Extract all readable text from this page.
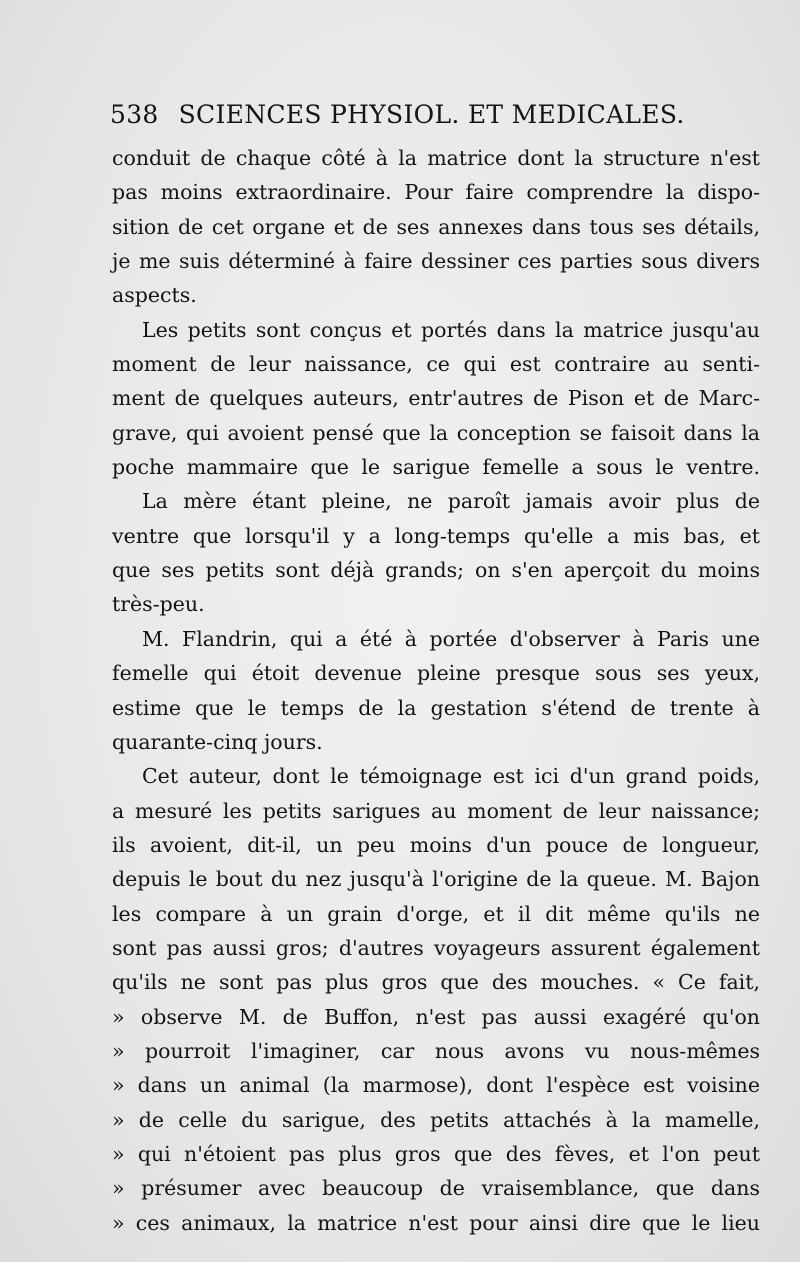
538 SCIENCES PHYSIOL. ET MEDICALES.
conduit de chaque côté à la matrice dont la structure n'est
pas moins extraordinaire. Pour faire comprendre la dispo-
sition de cet organe et de ses annexes dans tous ses détails,
je me suis déterminé à faire dessiner ces parties sous divers
aspects.
Les petits sont conçus et portés dans la matrice jusqu'au
moment de leur naissance, ce qui est contraire au senti-
ment de quelques auteurs, entr'autres de Pison et de Marc-
grave, qui avoient pensé que la conception se faisoit dans la
poche mammaire que le sarigue femelle a sous le ventre.
La mère étant pleine, ne paroît jamais avoir plus de
ventre que lorsqu'il y a long-temps qu'elle a mis bas, et
que ses petits sont déjà grands; on s'en aperçoit du moins
très-peu.
M. Flandrin, qui a été à portée d'observer à Paris une
femelle qui étoit devenue pleine presque sous ses yeux,
estime que le temps de la gestation s'étend de trente à
quarante-cinq jours.
Cet auteur, dont le témoignage est ici d'un grand poids,
a mesuré les petits sarigues au moment de leur naissance;
ils avoient, dit-il, un peu moins d'un pouce de longueur,
depuis le bout du nez jusqu'à l'origine de la queue. M. Bajon
les compare à un grain d'orge, et il dit même qu'ils ne
sont pas aussi gros; d'autres voyageurs assurent également
qu'ils ne sont pas plus gros que des mouches. « Ce fait,
» observe M. de Buffon, n'est pas aussi exagéré qu'on
» pourroit l'imaginer, car nous avons vu nous-mêmes
» dans un animal (la marmose), dont l'espèce est voisine
» de celle du sarigue, des petits attachés à la mamelle,
» qui n'étoient pas plus gros que des fèves, et l'on peut
» présumer avec beaucoup de vraisemblance, que dans
» ces animaux, la matrice n'est pour ainsi dire que le lieu
